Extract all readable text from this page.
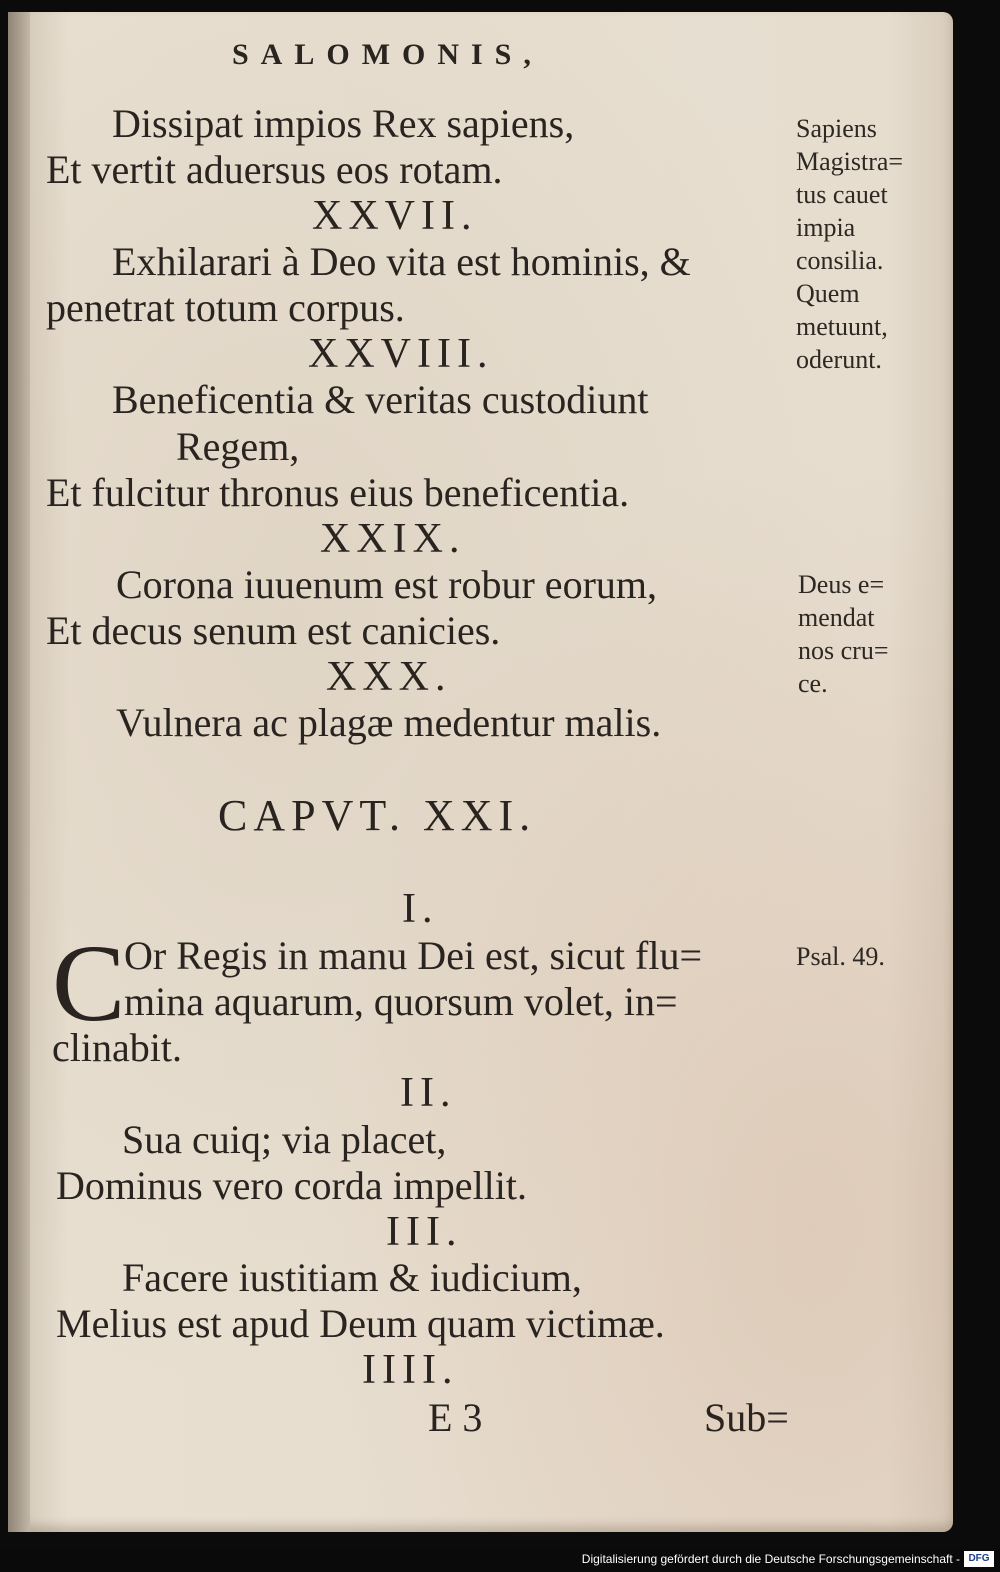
SALOMONIS,
Dissipat impios Rex sapiens,
Et vertit aduersus eos rotam.
XXVII.
Exhilarari à Deo vita est hominis, &
penetrat totum corpus.
XXVIII.
Beneficentia & veritas custodiunt
Regem,
Et fulcitur thronus eius beneficentia.
XXIX.
Corona iuuenum est robur eorum,
Et decus senum est canicies.
XXX.
Vulnera ac plagæ medentur malis.
CAPVT. XXI.
I.
C
Or Regis in manu Dei est, sicut flu=
mina aquarum, quorsum volet, in=
clinabit.
II.
Sua cuiq; via placet,
Dominus vero corda impellit.
III.
Facere iustitiam & iudicium,
Melius est apud Deum quam victimæ.
IIII.
E 3	Sub=
Sapiens
Magistra=
tus cauet
impia
consilia.
Quem
metuunt,
oderunt.
Deus e=
mendat
nos cru=
ce.
Psal. 49.
Digitalisierung gefördert durch die Deutsche Forschungsgemeinschaft - DFG
